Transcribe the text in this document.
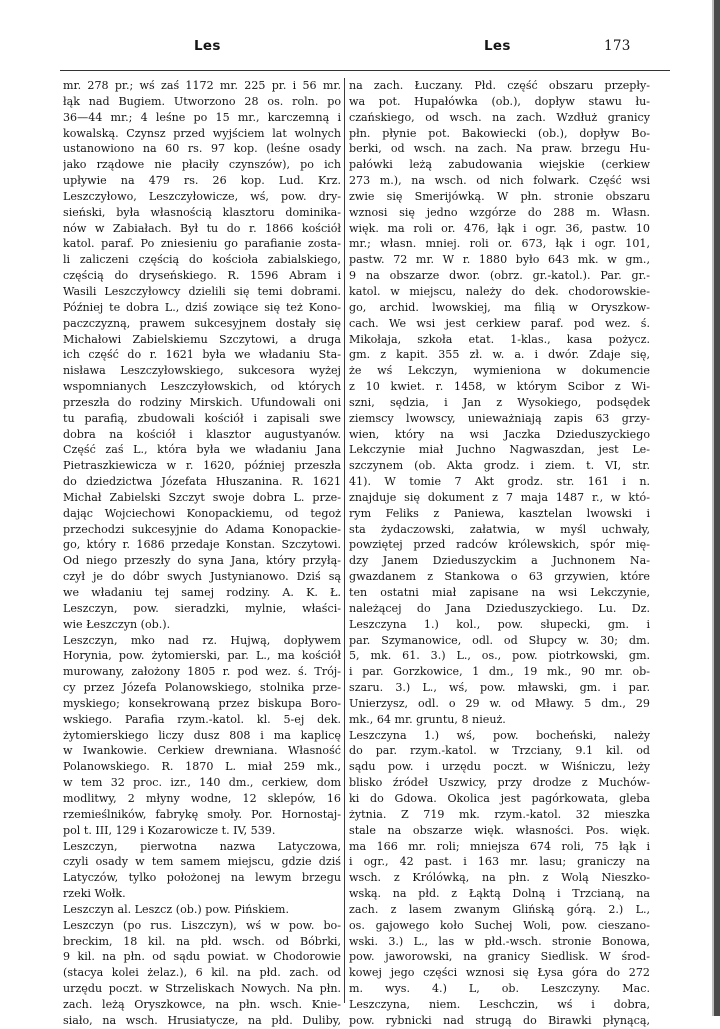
Les	Les	173
mr. 278 pr.; wś zaś 1172 mr. 225 pr. i 56 mr.
łąk nad Bugiem. Utworzono 28 os. roln. po
36—44 mr.; 4 leśne po 15 mr., karczemną i
kowalską. Czynsz przed wyjściem lat wolnych
ustanowiono na 60 rs. 97 kop. (leśne osady
jako rządowe nie płaciły czynszów), po ich
upływie na 479 rs. 26 kop. Lud. Krz.
Leszczyłowo, Leszczyłowicze, wś, pow. dry-
sieński, była własnością klasztoru dominika-
nów w Zabiałach. Był tu do r. 1866 kościół
katol. paraf. Po zniesieniu go parafianie zosta-
li zaliczeni częścią do kościoła zabialskiego,
częścią do dryseńskiego. R. 1596 Abram i
Wasili Leszczyłowcy dzielili się temi dobrami.
Później te dobra L., dziś zowiące się też Kono-
paczczyzną, prawem sukcesyjnem dostały się
Michałowi Zabielskiemu Szczytowi, a druga
ich część do r. 1621 była we władaniu Sta-
nisława Leszczyłowskiego, sukcesora wyżej
wspomnianych Leszczyłowskich, od których
przeszła do rodziny Mirskich. Ufundowali oni
tu parafią, zbudowali kościół i zapisali swe
dobra na kościół i klasztor augustyanów.
Część zaś L., która była we władaniu Jana
Pietraszkiewicza w r. 1620, później przeszła
do dziedzictwa Józefata Hłuszanina. R. 1621
Michał Zabielski Szczyt swoje dobra L. prze-
dając Wojciechowi Konopackiemu, od tegoż
przechodzi sukcesyjnie do Adama Konopackie-
go, który r. 1686 przedaje Konstan. Szczytowi.
Od niego przeszły do syna Jana, który przyłą-
czył je do dóbr swych Justynianowo. Dziś są
we władaniu tej samej rodziny. A. K. Ł.
Leszczyn, pow. sieradzki, mylnie, właści-
wie Łeszczyn (ob.).
Leszczyn, mko nad rz. Hujwą, dopływem
Horynia, pow. żytomierski, par. L., ma kościół
murowany, założony 1805 r. pod wez. ś. Trój-
cy przez Józefa Polanowskiego, stolnika prze-
myskiego; konsekrowaną przez biskupa Boro-
wskiego. Parafia rzym.-katol. kl. 5-ej dek.
żytomierskiego liczy dusz 808 i ma kaplicę
w Iwankowie. Cerkiew drewniana. Własność
Polanowskiego. R. 1870 L. miał 259 mk.,
w tem 32 proc. izr., 140 dm., cerkiew, dom
modlitwy, 2 młyny wodne, 12 sklepów, 16
rzemieślników, fabrykę smoły. Por. Hornostaj-
pol t. III, 129 i Kozarowicze t. IV, 539.
Leszczyn, pierwotna nazwa Latyczowa,
czyli osady w tem samem miejscu, gdzie dziś
Latyczów, tylko położonej na lewym brzegu
rzeki Wołk.
Leszczyn al. Leszcz (ob.) pow. Pińskiem.
Leszczyn (po rus. Liszczyn), wś w pow. bo-
breckim, 18 kil. na płd. wsch. od Bóbrki,
9 kil. na płn. od sądu powiat. w Chodorowie
(stacya kolei żelaz.), 6 kil. na płd. zach. od
urzędu poczt. w Strzeliskach Nowych. Na płn.
zach. leżą Oryszkowce, na płn. wsch. Knie-
siało, na wsch. Hrusiatycze, na płd. Duliby,
na zach. Łuczany. Płd. część obszaru przepły-
wa pot. Hupałówka (ob.), dopływ stawu łu-
czańskiego, od wsch. na zach. Wzdłuż granicy
płn. płynie pot. Bakowiecki (ob.), dopływ Bo-
berki, od wsch. na zach. Na praw. brzegu Hu-
pałówki leżą zabudowania wiejskie (cerkiew
273 m.), na wsch. od nich folwark. Część wsi
zwie się Smerijówką. W płn. stronie obszaru
wznosi się jedno wzgórze do 288 m. Własn.
więk. ma roli or. 476, łąk i ogr. 36, pastw. 10
mr.; własn. mniej. roli or. 673, łąk i ogr. 101,
pastw. 72 mr. W r. 1880 było 643 mk. w gm.,
9 na obszarze dwor. (obrz. gr.-katol.). Par. gr.-
katol. w miejscu, należy do dek. chodorowskie-
go, archid. lwowskiej, ma filią w Oryszkow-
cach. We wsi jest cerkiew paraf. pod wez. ś.
Mikołaja, szkoła etat. 1-klas., kasa pożycz.
gm. z kapit. 355 zł. w. a. i dwór. Zdaje się,
że wś Lekczyn, wymieniona w dokumencie
z 10 kwiet. r. 1458, w którym Scibor z Wi-
szni, sędzia, i Jan z Wysokiego, podsędek
ziemscy lwowscy, unieważniają zapis 63 grzy-
wien, który na wsi Jaczka Dzieduszyckiego
Lekczynie miał Juchno Nagwaszdan, jest Le-
szczynem (ob. Akta grodz. i ziem. t. VI, str.
41). W tomie 7 Akt grodz. str. 161 i n.
znajduje się dokument z 7 maja 1487 r., w któ-
rym Feliks z Paniewa, kasztelan lwowski i
sta żydaczowski, załatwia, w myśl uchwały,
powziętej przed radców królewskich, spór mię-
dzy Janem Dzieduszyckim a Juchnonem Na-
gwazdanem z Stankowa o 63 grzywien, które
ten ostatni miał zapisane na wsi Lekczynie,
należącej do Jana Dzieduszyckiego. Lu. Dz.
Leszczyna 1.) kol., pow. słupecki, gm. i
par. Szymanowice, odl. od Słupcy w. 30; dm.
5, mk. 61. 3.) L., os., pow. piotrkowski, gm.
i par. Gorzkowice, 1 dm., 19 mk., 90 mr. ob-
szaru. 3.) L., wś, pow. mławski, gm. i par.
Unierzysz, odl. o 29 w. od Mławy. 5 dm., 29
mk., 64 mr. gruntu, 8 nieuż.
Leszczyna 1.) wś, pow. bocheński, należy
do par. rzym.-katol. w Trzciany, 9.1 kil. od
sądu pow. i urzędu poczt. w Wiśniczu, leży
blisko źródeł Uszwicy, przy drodze z Muchów-
ki do Gdowa. Okolica jest pagórkowata, gleba
żytnia. Z 719 mk. rzym.-katol. 32 mieszka
stale na obszarze więk. własności. Pos. więk.
ma 166 mr. roli; mniejsza 674 roli, 75 łąk i
i ogr., 42 past. i 163 mr. lasu; graniczy na
wsch. z Królówką, na płn. z Wolą Nieszko-
wską. na płd. z Łąktą Dolną i Trzcianą, na
zach. z lasem zwanym Glińską górą. 2.) L.,
os. gajowego koło Suchej Woli, pow. cieszano-
wski. 3.) L., las w płd.-wsch. stronie Bonowa,
pow. jaworowski, na granicy Siedlisk. W środ-
kowej jego części wznosi się Łysa góra do 272
m. wys. 4.) L, ob. Leszczyny. Mac.
Leszczyna, niem. Leschczin, wś i dobra,
pow. rybnicki nad strugą do Birawki płynącą,
